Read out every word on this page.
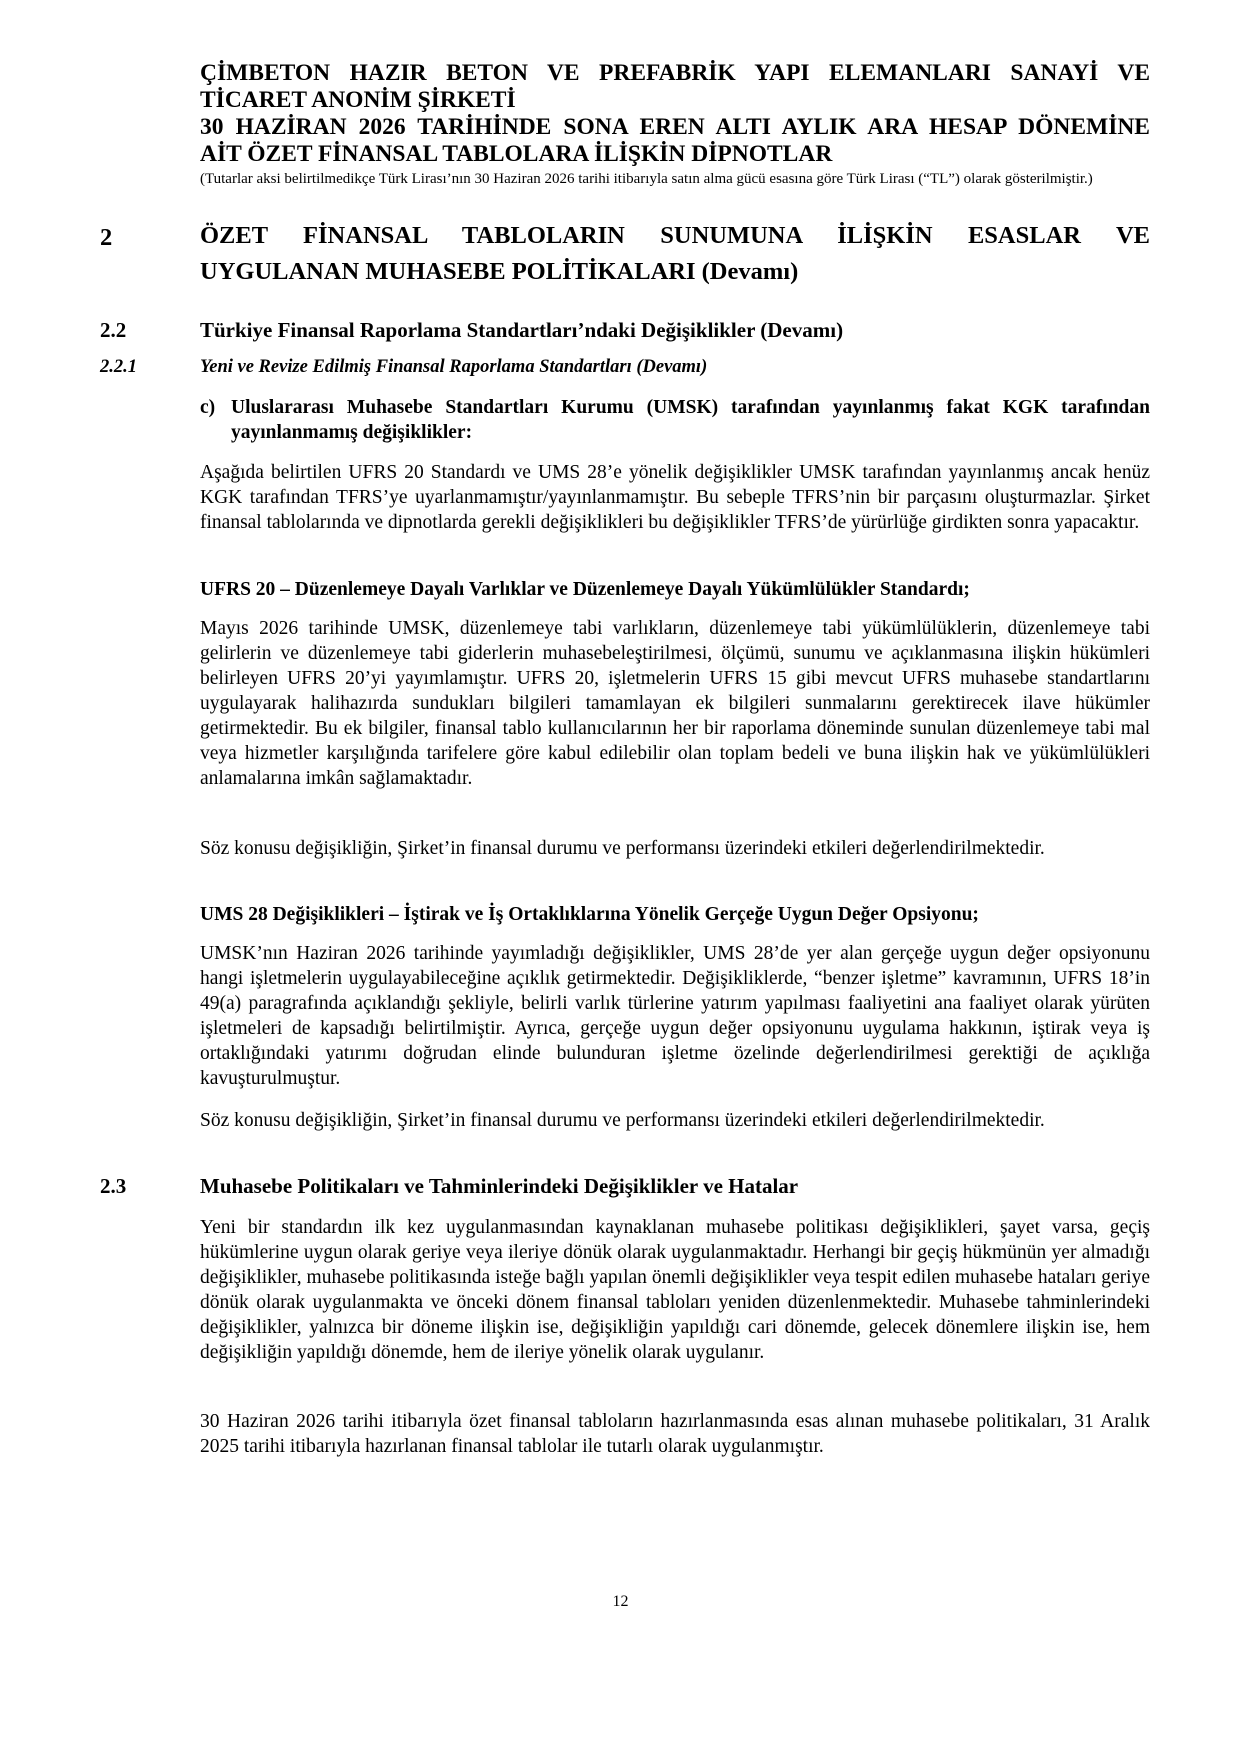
ÇİMBETON HAZIR BETON VE PREFABRİK YAPI ELEMANLARI SANAYİ VE
TİCARET ANONİM ŞİRKETİ

30 HAZİRAN 2026 TARİHİNDE SONA EREN ALTI AYLIK ARA HESAP DÖNEMİNE
AİT ÖZET FİNANSAL TABLOLARA İLİŞKİN DİPNOTLAR

(Tutarlar aksi belirtilmedikçe Türk Lirası’nın 30 Haziran 2026 tarihi itibarıyla satın alma gücü esasına göre Türk Lirası (“TL”) olarak gösterilmiştir.)

2	ÖZET FİNANSAL TABLOLARIN SUNUMUNA İLİŞKİN ESASLAR VE
UYGULANAN MUHASEBE POLİTİKALARI (Devamı)

2.2	Türkiye Finansal Raporlama Standartları’ndaki Değişiklikler (Devamı)

2.2.1	Yeni ve Revize Edilmiş Finansal Raporlama Standartları (Devamı)

c) Uluslararası Muhasebe Standartları Kurumu (UMSK) tarafından yayınlanmış fakat KGK tarafından yayınlanmamış değişiklikler:

Aşağıda belirtilen UFRS 20 Standardı ve UMS 28’e yönelik değişiklikler UMSK tarafından yayınlanmış ancak henüz KGK tarafından TFRS’ye uyarlanmamıştır/yayınlanmamıştır. Bu sebeple TFRS’nin bir parçasını oluşturmazlar. Şirket finansal tablolarında ve dipnotlarda gerekli değişiklikleri bu değişiklikler TFRS’de yürürlüğe girdikten sonra yapacaktır.

UFRS 20 – Düzenlemeye Dayalı Varlıklar ve Düzenlemeye Dayalı Yükümlülükler Standardı;

Mayıs 2026 tarihinde UMSK, düzenlemeye tabi varlıkların, düzenlemeye tabi yükümlülüklerin, düzenlemeye tabi gelirlerin ve düzenlemeye tabi giderlerin muhasebeleştirilmesi, ölçümü, sunumu ve açıklanmasına ilişkin hükümleri belirleyen UFRS 20’yi yayımlamıştır. UFRS 20, işletmelerin UFRS 15 gibi mevcut UFRS muhasebe standartlarını uygulayarak halihazırda sundukları bilgileri tamamlayan ek bilgileri sunmalarını gerektirecek ilave hükümler getirmektedir. Bu ek bilgiler, finansal tablo kullanıcılarının her bir raporlama döneminde sunulan düzenlemeye tabi mal veya hizmetler karşılığında tarifelere göre kabul edilebilir olan toplam bedeli ve buna ilişkin hak ve yükümlülükleri anlamalarına imkân sağlamaktadır.

Söz konusu değişikliğin, Şirket’in finansal durumu ve performansı üzerindeki etkileri değerlendirilmektedir.

UMS 28 Değişiklikleri – İştirak ve İş Ortaklıklarına Yönelik Gerçeğe Uygun Değer Opsiyonu;

UMSK’nın Haziran 2026 tarihinde yayımladığı değişiklikler, UMS 28’de yer alan gerçeğe uygun değer opsiyonunu hangi işletmelerin uygulayabileceğine açıklık getirmektedir. Değişikliklerde, “benzer işletme” kavramının, UFRS 18’in 49(a) paragrafında açıklandığı şekliyle, belirli varlık türlerine yatırım yapılması faaliyetini ana faaliyet olarak yürüten işletmeleri de kapsadığı belirtilmiştir. Ayrıca, gerçeğe uygun değer opsiyonunu uygulama hakkının, iştirak veya iş ortaklığındaki yatırımı doğrudan elinde bulunduran işletme özelinde değerlendirilmesi gerektiği de açıklığa kavuşturulmuştur.

Söz konusu değişikliğin, Şirket’in finansal durumu ve performansı üzerindeki etkileri değerlendirilmektedir.

2.3	Muhasebe Politikaları ve Tahminlerindeki Değişiklikler ve Hatalar

Yeni bir standardın ilk kez uygulanmasından kaynaklanan muhasebe politikası değişiklikleri, şayet varsa, geçiş hükümlerine uygun olarak geriye veya ileriye dönük olarak uygulanmaktadır. Herhangi bir geçiş hükmünün yer almadığı değişiklikler, muhasebe politikasında isteğe bağlı yapılan önemli değişiklikler veya tespit edilen muhasebe hataları geriye dönük olarak uygulanmakta ve önceki dönem finansal tabloları yeniden düzenlenmektedir. Muhasebe tahminlerindeki değişiklikler, yalnızca bir döneme ilişkin ise, değişikliğin yapıldığı cari dönemde, gelecek dönemlere ilişkin ise, hem değişikliğin yapıldığı dönemde, hem de ileriye yönelik olarak uygulanır.

30 Haziran 2026 tarihi itibarıyla özet finansal tabloların hazırlanmasında esas alınan muhasebe politikaları, 31 Aralık 2025 tarihi itibarıyla hazırlanan finansal tablolar ile tutarlı olarak uygulanmıştır.

12
